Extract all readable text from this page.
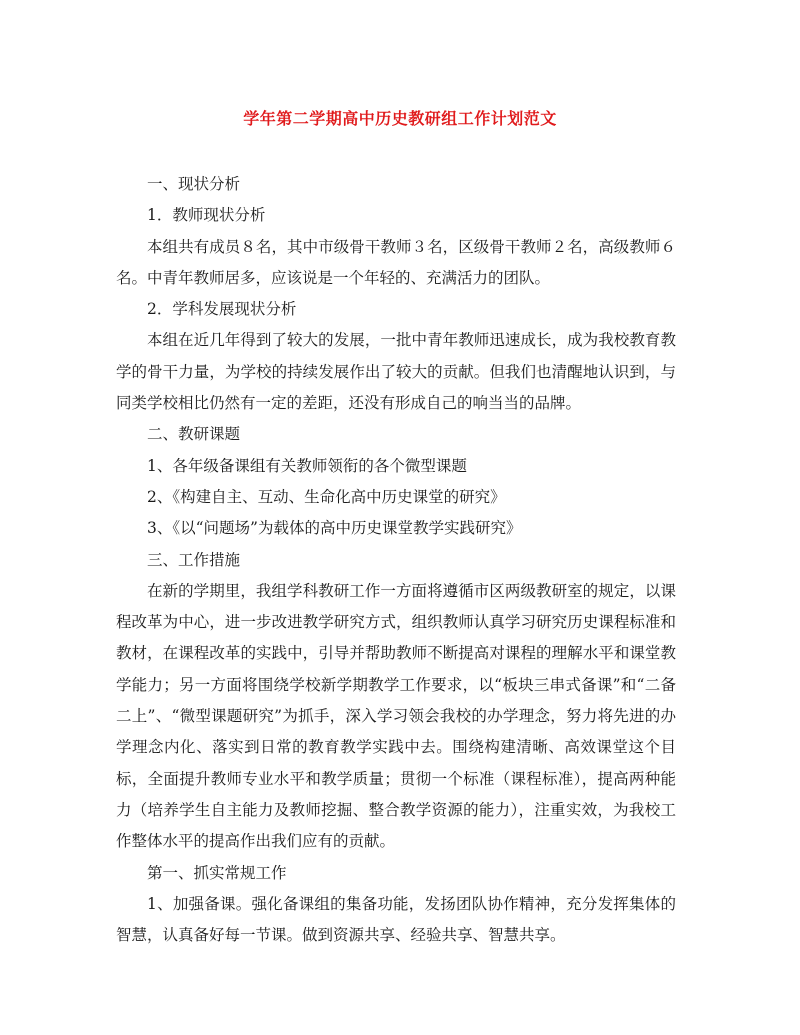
学年第二学期高中历史教研组工作计划范文

一、现状分析

1．教师现状分析

本组共有成员８名，其中市级骨干教师３名，区级骨干教师２名，高级教师６名。中青年教师居多，应该说是一个年轻的、充满活力的团队。

2．学科发展现状分析

本组在近几年得到了较大的发展，一批中青年教师迅速成长，成为我校教育教学的骨干力量，为学校的持续发展作出了较大的贡献。但我们也清醒地认识到，与同类学校相比仍然有一定的差距，还没有形成自己的响当当的品牌。

二、教研课题

1、各年级备课组有关教师领衔的各个微型课题

2、《构建自主、互动、生命化高中历史课堂的研究》

3、《以“问题场”为载体的高中历史课堂教学实践研究》

三、工作措施

在新的学期里，我组学科教研工作一方面将遵循市区两级教研室的规定，以课程改革为中心，进一步改进教学研究方式，组织教师认真学习研究历史课程标准和教材，在课程改革的实践中，引导并帮助教师不断提高对课程的理解水平和课堂教学能力；另一方面将围绕学校新学期教学工作要求，以“板块三串式备课”和“二备二上”、“微型课题研究”为抓手，深入学习领会我校的办学理念，努力将先进的办学理念内化、落实到日常的教育教学实践中去。围绕构建清晰、高效课堂这个目标，全面提升教师专业水平和教学质量；贯彻一个标准（课程标准），提高两种能力（培养学生自主能力及教师挖掘、整合教学资源的能力），注重实效，为我校工作整体水平的提高作出我们应有的贡献。

第一、抓实常规工作

1、加强备课。强化备课组的集备功能，发扬团队协作精神，充分发挥集体的智慧，认真备好每一节课。做到资源共享、经验共享、智慧共享。
